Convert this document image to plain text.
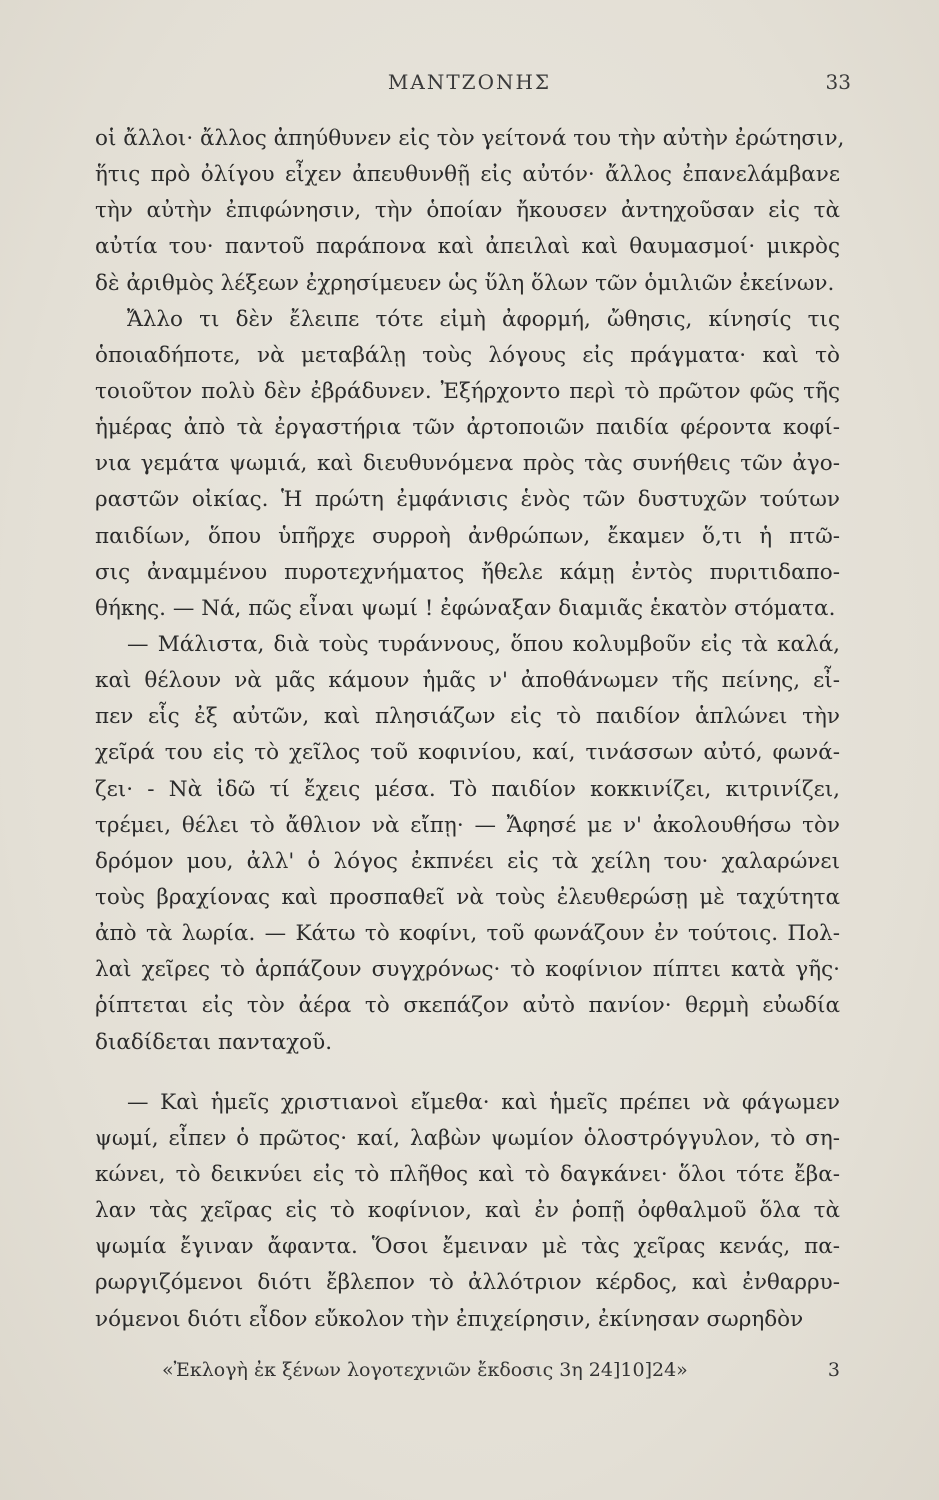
ΜΑΝΤΖΟΝΗΣ	33
οἱ ἄλλοι· ἄλλος ἀπηύθυνεν εἰς τὸν γείτονά του τὴν αὐτὴν ἐρώτησιν,
ἥτις πρὸ ὀλίγου εἶχεν ἀπευθυνθῇ εἰς αὐτόν· ἄλλος ἐπανελάμβανε
τὴν αὐτὴν ἐπιφώνησιν, τὴν ὁποίαν ἤκουσεν ἀντηχοῦσαν εἰς τὰ
αὐτία του· παντοῦ παράπονα καὶ ἀπειλαὶ καὶ θαυμασμοί· μικρὸς
δὲ ἀριθμὸς λέξεων ἐχρησίμευεν ὡς ὕλη ὅλων τῶν ὁμιλιῶν ἐκείνων.
Ἄλλο τι δὲν ἔλειπε τότε εἰμὴ ἀφορμή, ὤθησις, κίνησίς τις
ὁποιαδήποτε, νὰ μεταβάλῃ τοὺς λόγους εἰς πράγματα· καὶ τὸ
τοιοῦτον πολὺ δὲν ἐβράδυνεν. Ἐξήρχοντο περὶ τὸ πρῶτον φῶς τῆς
ἡμέρας ἀπὸ τὰ ἐργαστήρια τῶν ἀρτοποιῶν παιδία φέροντα κοφί-
νια γεμάτα ψωμιά, καὶ διευθυνόμενα πρὸς τὰς συνήθεις τῶν ἀγο-
ραστῶν οἰκίας. Ἡ πρώτη ἐμφάνισις ἑνὸς τῶν δυστυχῶν τούτων
παιδίων, ὅπου ὑπῆρχε συρροὴ ἀνθρώπων, ἔκαμεν ὅ,τι ἡ πτῶ-
σις ἀναμμένου πυροτεχνήματος ἤθελε κάμῃ ἐντὸς πυριτιδαπο-
θήκης. — Νά, πῶς εἶναι ψωμί ! ἐφώναξαν διαμιᾶς ἑκατὸν στόματα.
— Μάλιστα, διὰ τοὺς τυράννους, ὅπου κολυμβοῦν εἰς τὰ καλά,
καὶ θέλουν νὰ μᾶς κάμουν ἡμᾶς ν' ἀποθάνωμεν τῆς πείνης, εἶ-
πεν εἷς ἐξ αὐτῶν, καὶ πλησιάζων εἰς τὸ παιδίον ἁπλώνει τὴν
χεῖρά του εἰς τὸ χεῖλος τοῦ κοφινίου, καί, τινάσσων αὐτό, φωνά-
ζει· - Νὰ ἰδῶ τί ἔχεις μέσα. Τὸ παιδίον κοκκινίζει, κιτρινίζει,
τρέμει, θέλει τὸ ἄθλιον νὰ εἴπῃ· — Ἄφησέ με ν' ἀκολουθήσω τὸν
δρόμον μου, ἀλλ' ὁ λόγος ἐκπνέει εἰς τὰ χείλη του· χαλαρώνει
τοὺς βραχίονας καὶ προσπαθεῖ νὰ τοὺς ἐλευθερώσῃ μὲ ταχύτητα
ἀπὸ τὰ λωρία. — Κάτω τὸ κοφίνι, τοῦ φωνάζουν ἐν τούτοις. Πολ-
λαὶ χεῖρες τὸ ἁρπάζουν συγχρόνως· τὸ κοφίνιον πίπτει κατὰ γῆς·
ῥίπτεται εἰς τὸν ἀέρα τὸ σκεπάζον αὐτὸ πανίον· θερμὴ εὐωδία
διαδίδεται πανταχοῦ.
— Καὶ ἡμεῖς χριστιανοὶ εἴμεθα· καὶ ἡμεῖς πρέπει νὰ φάγωμεν
ψωμί, εἶπεν ὁ πρῶτος· καί, λαβὼν ψωμίον ὁλοστρόγγυλον, τὸ ση-
κώνει, τὸ δεικνύει εἰς τὸ πλῆθος καὶ τὸ δαγκάνει· ὅλοι τότε ἔβα-
λαν τὰς χεῖρας εἰς τὸ κοφίνιον, καὶ ἐν ῥοπῇ ὀφθαλμοῦ ὅλα τὰ
ψωμία ἔγιναν ἄφαντα. Ὅσοι ἔμειναν μὲ τὰς χεῖρας κενάς, πα-
ρωργιζόμενοι διότι ἔβλεπον τὸ ἀλλότριον κέρδος, καὶ ἐνθαρρυ-
νόμενοι διότι εἶδον εὔκολον τὴν ἐπιχείρησιν, ἐκίνησαν σωρηδὸν
«Ἐκλογὴ ἐκ ξένων λογοτεχνιῶν ἔκδοσις 3η 24]10]24»	3
